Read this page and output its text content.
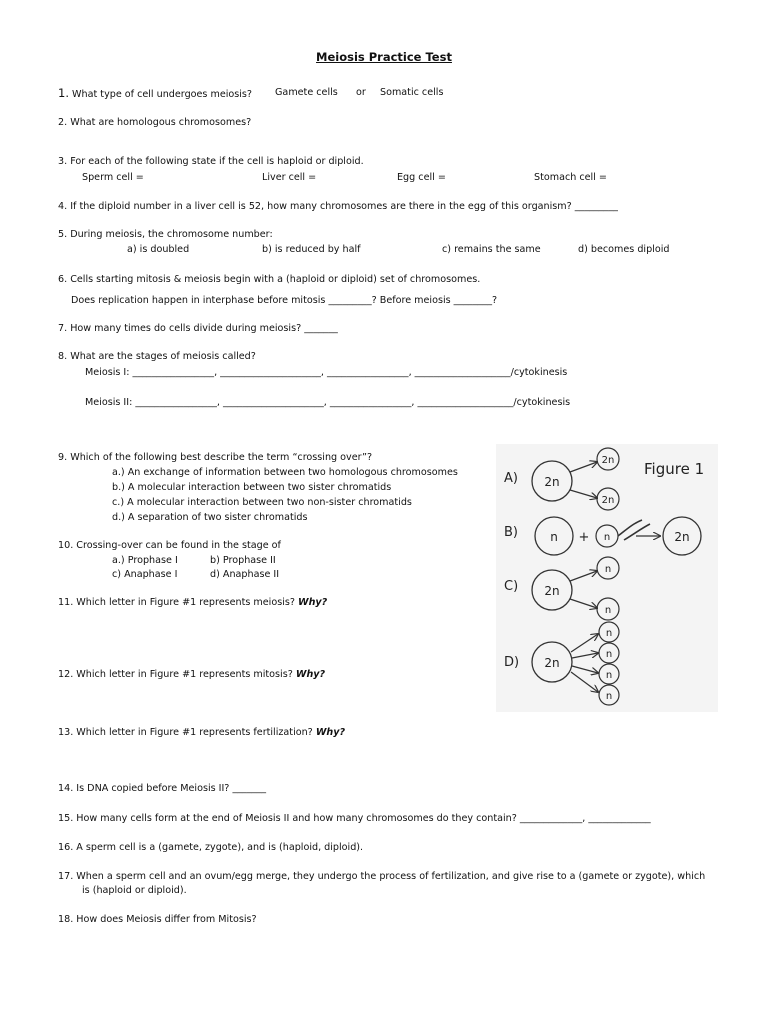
Meiosis Practice Test
1. What type of cell undergoes meiosis? Gamete cells or Somatic cells
2. What are homologous chromosomes?
3. For each of the following state if the cell is haploid or diploid.
Sperm cell =	Liver cell =	Egg cell =	Stomach cell =
4. If the diploid number in a liver cell is 52, how many chromosomes are there in the egg of this organism? _________
5. During meiosis, the chromosome number:
a) is doubled	b) is reduced by half	c) remains the same	d) becomes diploid
6. Cells starting mitosis & meiosis begin with a (haploid or diploid) set of chromosomes.
Does replication happen in interphase before mitosis _________? Before meiosis ________?
7. How many times do cells divide during meiosis? _______
8. What are the stages of meiosis called?
Meiosis I: _________________, _____________________, _________________, ____________________/cytokinesis
Meiosis II: _________________, _____________________, _________________, ____________________/cytokinesis
9. Which of the following best describe the term “crossing over”?
a.) An exchange of information between two homologous chromosomes
b.) A molecular interaction between two sister chromatids
c.) A molecular interaction between two non-sister chromatids
d.) A separation of two sister chromatids
10. Crossing-over can be found in the stage of
a.) Prophase I	b) Prophase II
c) Anaphase I	d) Anaphase II
11. Which letter in Figure #1 represents meiosis? Why?
12. Which letter in Figure #1 represents mitosis? Why?
13. Which letter in Figure #1 represents fertilization? Why?
14. Is DNA copied before Meiosis II? _______
15. How many cells form at the end of Meiosis II and how many chromosomes do they contain? _____________, _____________
16. A sperm cell is a (gamete, zygote), and is (haploid, diploid).
17. When a sperm cell and an ovum/egg merge, they undergo the process of fertilization, and give rise to a (gamete or zygote), which
is (haploid or diploid).
18. How does Meiosis differ from Mitosis?
Figure 1
A) 2n
2n
2n
B)	n + n	2n
C) 2n
n
n
D) 2n
n
n
n
n
